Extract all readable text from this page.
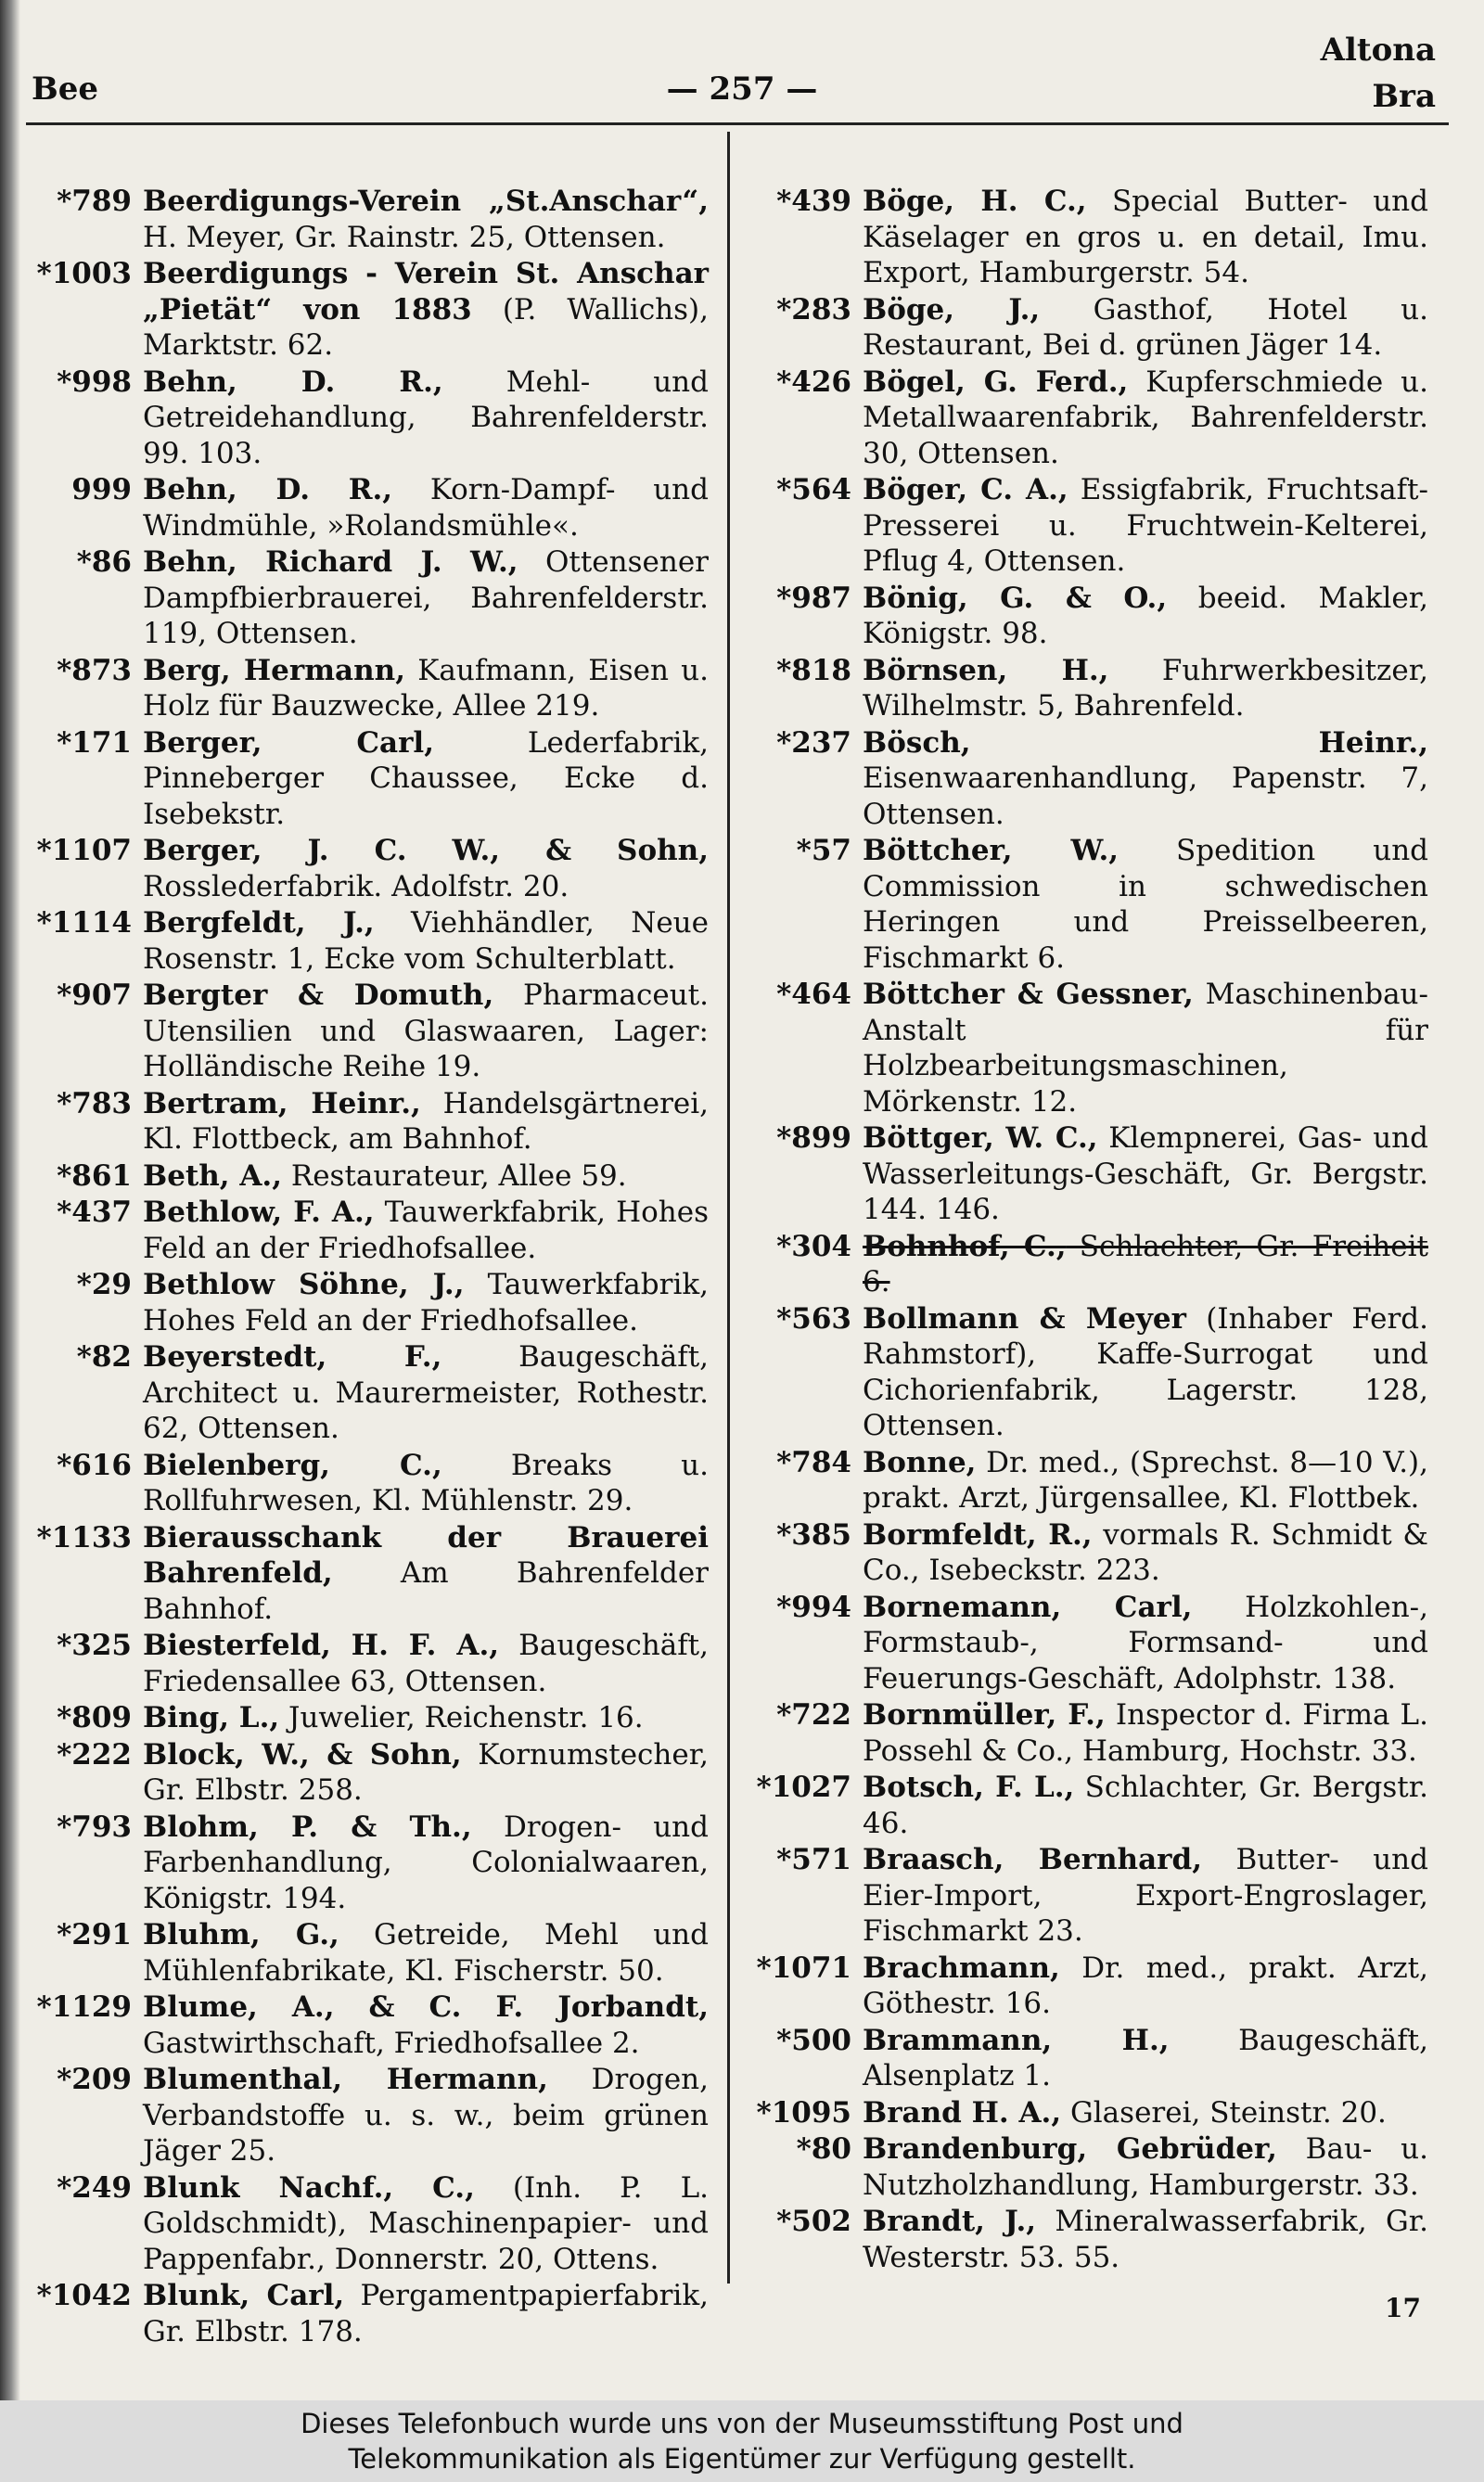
Altona
Bee	— 257 —	Bra
*789 Beerdigungs-Verein „St.Anschar“, H. Meyer, Gr. Rainstr. 25, Ottensen.
*1003 Beerdigungs - Verein St. Anschar „Pietät“ von 1883 (P. Wallichs), Marktstr. 62.
*998 Behn, D. R., Mehl- und Getreidehandlung, Bahrenfelderstr. 99. 103.
999 Behn, D. R., Korn-Dampf- und Windmühle, »Rolandsmühle«.
*86 Behn, Richard J. W., Ottensener Dampfbierbrauerei, Bahrenfelderstr. 119, Ottensen.
*873 Berg, Hermann, Kaufmann, Eisen u. Holz für Bauzwecke, Allee 219.
*171 Berger, Carl, Lederfabrik, Pinneberger Chaussee, Ecke d. Isebekstr.
*1107 Berger, J. C. W., & Sohn, Rosslederfabrik. Adolfstr. 20.
*1114 Bergfeldt, J., Viehhändler, Neue Rosenstr. 1, Ecke vom Schulterblatt.
*907 Bergter & Domuth, Pharmaceut. Utensilien und Glaswaaren, Lager: Holländische Reihe 19.
*783 Bertram, Heinr., Handelsgärtnerei, Kl. Flottbeck, am Bahnhof.
*861 Beth, A., Restaurateur, Allee 59.
*437 Bethlow, F. A., Tauwerkfabrik, Hohes Feld an der Friedhofsallee.
*29 Bethlow Söhne, J., Tauwerkfabrik, Hohes Feld an der Friedhofsallee.
*82 Beyerstedt, F., Baugeschäft, Architect u. Maurermeister, Rothestr. 62, Ottensen.
*616 Bielenberg, C., Breaks u. Rollfuhrwesen, Kl. Mühlenstr. 29.
*1133 Bierausschank der Brauerei Bahrenfeld, Am Bahrenfelder Bahnhof.
*325 Biesterfeld, H. F. A., Baugeschäft, Friedensallee 63, Ottensen.
*809 Bing, L., Juwelier, Reichenstr. 16.
*222 Block, W., & Sohn, Kornumstecher, Gr. Elbstr. 258.
*793 Blohm, P. & Th., Drogen- und Farbenhandlung, Colonialwaaren, Königstr. 194.
*291 Bluhm, G., Getreide, Mehl und Mühlenfabrikate, Kl. Fischerstr. 50.
*1129 Blume, A., & C. F. Jorbandt, Gastwirthschaft, Friedhofsallee 2.
*209 Blumenthal, Hermann, Drogen, Verbandstoffe u. s. w., beim grünen Jäger 25.
*249 Blunk Nachf., C., (Inh. P. L. Goldschmidt), Maschinenpapier- und Pappenfabr., Donnerstr. 20, Ottens.
*1042 Blunk, Carl, Pergamentpapierfabrik, Gr. Elbstr. 178.
*439 Böge, H. C., Special Butter- und Käselager en gros u. en detail, Imu. Export, Hamburgerstr. 54.
*283 Böge, J., Gasthof, Hotel u. Restaurant, Bei d. grünen Jäger 14.
*426 Bögel, G. Ferd., Kupferschmiede u. Metallwaarenfabrik, Bahrenfelderstr. 30, Ottensen.
*564 Böger, C. A., Essigfabrik, Fruchtsaft-Presserei u. Fruchtwein-Kelterei, Pflug 4, Ottensen.
*987 Bönig, G. & O., beeid. Makler, Königstr. 98.
*818 Börnsen, H., Fuhrwerkbesitzer, Wilhelmstr. 5, Bahrenfeld.
*237 Bösch, Heinr., Eisenwaarenhandlung, Papenstr. 7, Ottensen.
*57 Böttcher, W., Spedition und Commission in schwedischen Heringen und Preisselbeeren, Fischmarkt 6.
*464 Böttcher & Gessner, Maschinenbau-Anstalt für Holzbearbeitungsmaschinen, Mörkenstr. 12.
*899 Böttger, W. C., Klempnerei, Gas- und Wasserleitungs-Geschäft, Gr. Bergstr. 144. 146.
*304 Bohnhof, C., Schlachter, Gr. Freiheit 6.
*563 Bollmann & Meyer (Inhaber Ferd. Rahmstorf), Kaffe-Surrogat und Cichorienfabrik, Lagerstr. 128, Ottensen.
*784 Bonne, Dr. med., (Sprechst. 8—10 V.), prakt. Arzt, Jürgensallee, Kl. Flottbek.
*385 Bormfeldt, R., vormals R. Schmidt & Co., Isebeckstr. 223.
*994 Bornemann, Carl, Holzkohlen-, Formstaub-, Formsand- und Feuerungs-Geschäft, Adolphstr. 138.
*722 Bornmüller, F., Inspector d. Firma L. Possehl & Co., Hamburg, Hochstr. 33.
*1027 Botsch, F. L., Schlachter, Gr. Bergstr. 46.
*571 Braasch, Bernhard, Butter- und Eier-Import, Export-Engroslager, Fischmarkt 23.
*1071 Brachmann, Dr. med., prakt. Arzt, Göthestr. 16.
*500 Brammann, H., Baugeschäft, Alsenplatz 1.
*1095 Brand H. A., Glaserei, Steinstr. 20.
*80 Brandenburg, Gebrüder, Bau- u. Nutzholzhandlung, Hamburgerstr. 33.
*502 Brandt, J., Mineralwasserfabrik, Gr. Westerstr. 53. 55.
17
Dieses Telefonbuch wurde uns von der Museumsstiftung Post und
Telekommunikation als Eigentümer zur Verfügung gestellt.
